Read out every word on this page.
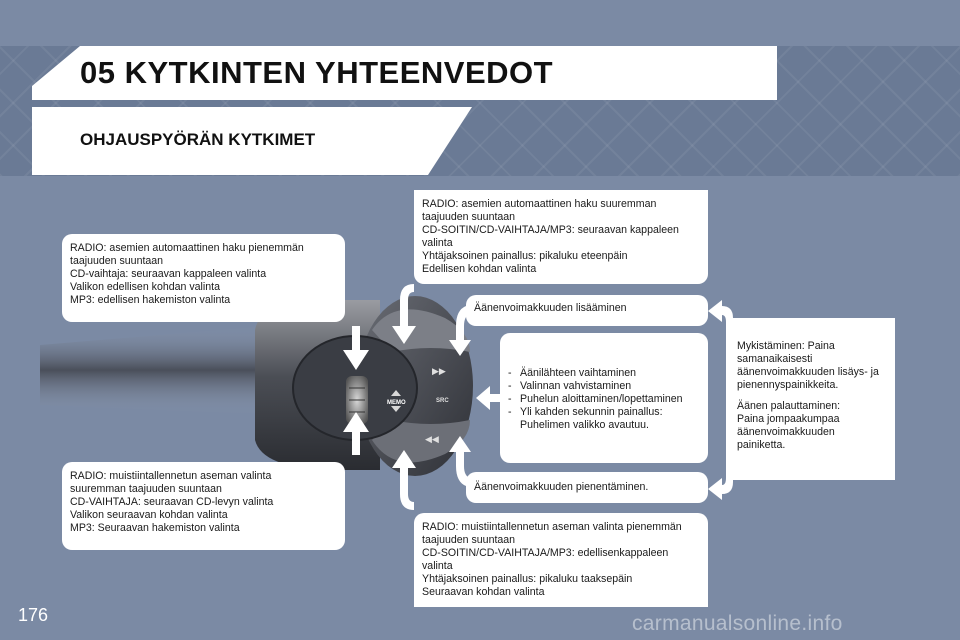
05 KYTKINTEN YHTEENVEDOT
OHJAUSPYÖRÄN KYTKIMET
▶▶
◀◀
MEMO	SRC
RADIO: asemien automaattinen haku pienemmän
taajuuden suuntaan
CD-vaihtaja: seuraavan kappaleen valinta
Valikon edellisen kohdan valinta
MP3: edellisen hakemiston valinta
RADIO: muistiintallennetun aseman valinta
suuremman taajuuden suuntaan
CD-VAIHTAJA: seuraavan CD-levyn valinta
Valikon seuraavan kohdan valinta
MP3: Seuraavan hakemiston valinta
RADIO: asemien automaattinen haku suuremman
taajuuden suuntaan
CD-SOITIN/CD-VAIHTAJA/MP3: seuraavan kappaleen
valinta
Yhtäjaksoinen painallus: pikaluku eteenpäin
Edellisen kohdan valinta
Äänenvoimakkuuden lisääminen
- Äänilähteen vaihtaminen
- Valinnan vahvistaminen
- Puhelun aloittaminen/lopettaminen
- Yli kahden sekunnin painallus:
Puhelimen valikko avautuu.
Äänenvoimakkuuden pienentäminen.
RADIO: muistiintallennetun aseman valinta pienemmän
taajuuden suuntaan
CD-SOITIN/CD-VAIHTAJA/MP3: edellisenkappaleen
valinta
Yhtäjaksoinen painallus: pikaluku taaksepäin
Seuraavan kohdan valinta
Mykistäminen: Paina
samanaikaisesti
äänenvoimakkuuden lisäys- ja
pienennyspainikkeita.
Äänen palauttaminen:
Paina jompaakumpaa
äänenvoimakkuuden
painiketta.
176	carmanualsonline.info
